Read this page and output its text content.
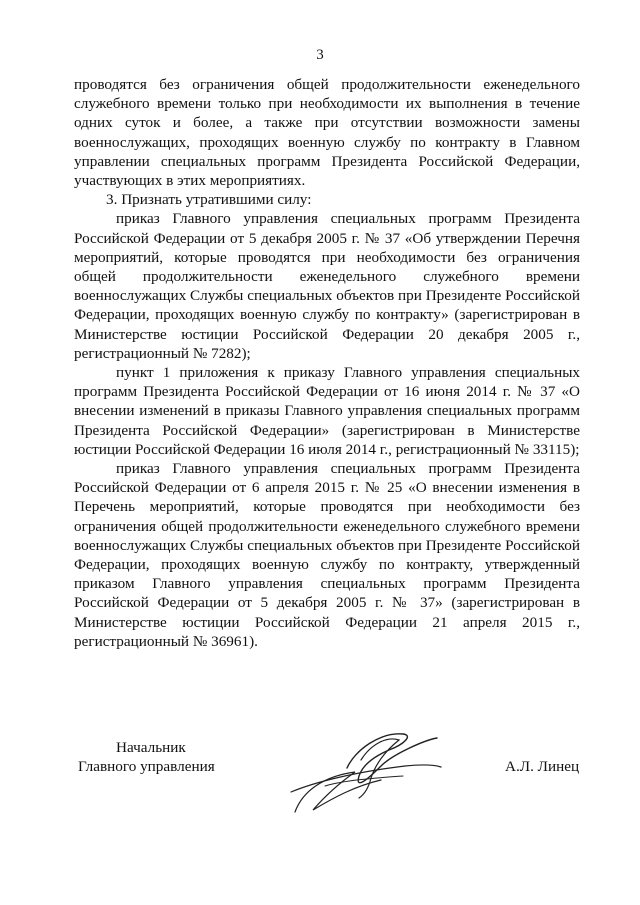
3

проводятся без ограничения общей продолжительности еженедельного служебного времени только при необходимости их выполнения в течение одних суток и более, а также при отсутствии возможности замены военнослужащих, проходящих военную службу по контракту в Главном управлении специальных программ Президента Российской Федерации, участвующих в этих мероприятиях.

3. Признать утратившими силу:

приказ Главного управления специальных программ Президента Российской Федерации от 5 декабря 2005 г. № 37 «Об утверждении Перечня мероприятий, которые проводятся при необходимости без ограничения общей продолжительности еженедельного служебного времени военнослужащих Службы специальных объектов при Президенте Российской Федерации, проходящих военную службу по контракту» (зарегистрирован в Министерстве юстиции Российской Федерации 20 декабря 2005 г., регистрационный № 7282);

пункт 1 приложения к приказу Главного управления специальных программ Президента Российской Федерации от 16 июня 2014 г. № 37 «О внесении изменений в приказы Главного управления специальных программ Президента Российской Федерации» (зарегистрирован в Министерстве юстиции Российской Федерации 16 июля 2014 г., регистрационный № 33115);

приказ Главного управления специальных программ Президента Российской Федерации от 6 апреля 2015 г. № 25 «О внесении изменения в Перечень мероприятий, которые проводятся при необходимости без ограничения общей продолжительности еженедельного служебного времени военнослужащих Службы специальных объектов при Президенте Российской Федерации, проходящих военную службу по контракту, утвержденный приказом Главного управления специальных программ Президента Российской Федерации от 5 декабря 2005 г. № 37» (зарегистрирован в Министерстве юстиции Российской Федерации 21 апреля 2015 г., регистрационный № 36961).

Начальник
Главного управления	А.Л. Линец
